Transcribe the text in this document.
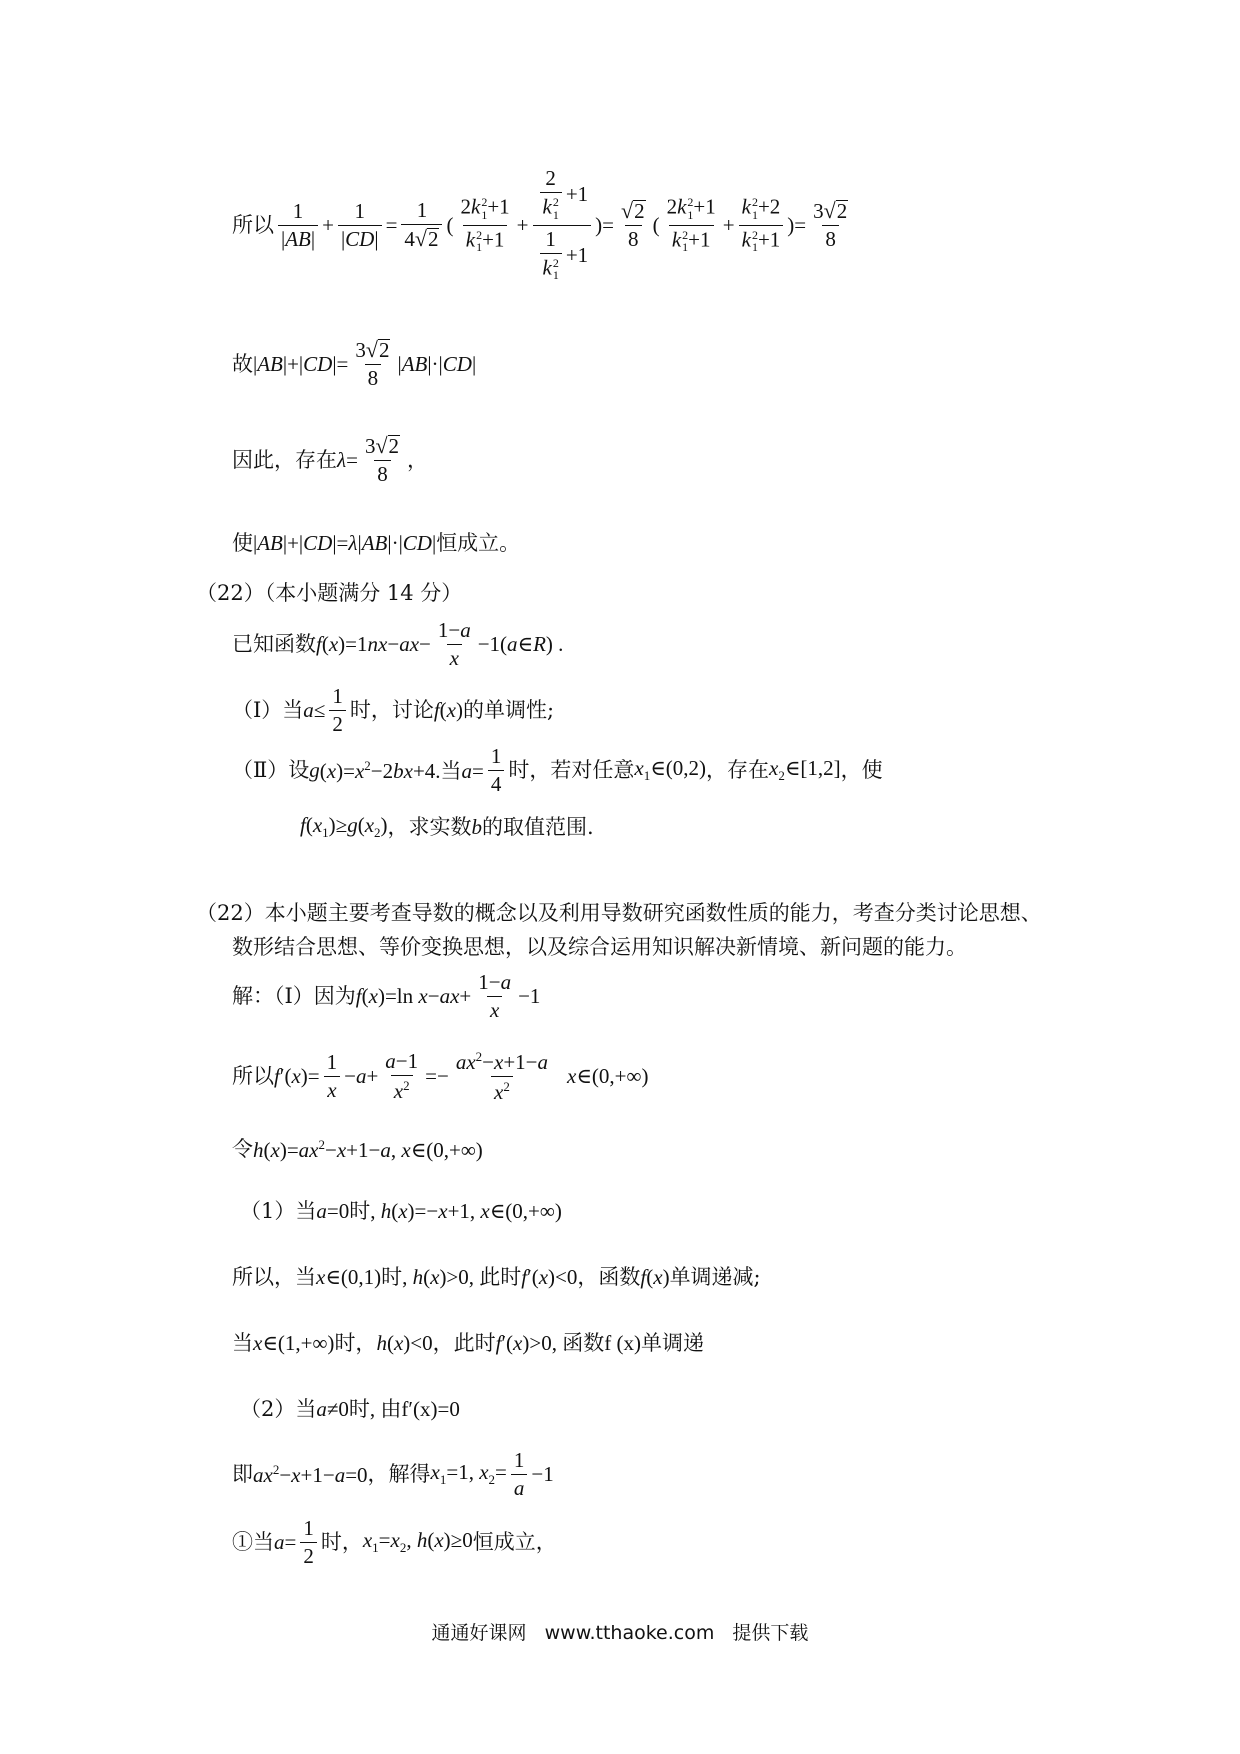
所以 $\frac{1}{|AB|} + \frac{1}{|CD|} = \frac{1}{4 √ 2}$ ( 2k 2
1 +1
k 2
1 +1 + 2
k 2
1 +1
1
k 2
1 +1 )= $\frac{√ 2}{8}$ ( 2k 2
1 +1
k 2
1 +1 + k 2
1 +2
k 2
1 +1 )= $\frac{3 √ 2}{8}$
故 $|AB|+|CD|= \frac{3 √ 2}{8} |AB|\cdot|CD|$
因此，存在 $\lambda = \frac{3 √ 2}{8}$ ，
使 |AB|+|CD|=λ|AB|·|CD| 恒成立。
（22）（本小题满分 14 分）
已知函数 f $(x)=1nx-ax- \frac{1-a}{x}$ −1(a∈R) .
（Ⅰ）当 $a \le \frac{1}{2}$ 时，讨论 f (x) 的单调性;
（Ⅱ）设 g $(x)=x^2-2bx+4$.当$a= \frac{1}{4}$ 时，若对任意 $x_1\in(0,2)$ ，存在 $x_2\in[1,2]$ ，使
$f(x_1)\ge g(x_2)$ ，求实数 b 的取值范围.
（22）本小题主要考查导数的概念以及利用导数研究函数性质的能力，考查分类讨论思想、
数形结合思想、等价变换思想，以及综合运用知识解决新情境、新问题的能力。
解：（Ⅰ）因为 f(x)=ln $x-ax+ \frac{1-a}{x} -1$
所以 $f'(x)= \frac{1}{x} -a+ \frac{a-1}{x^2} =- \frac{ax^2-x+1-a}{x^2}$ x∈(0,+∞)
令 $h(x)=ax^2-x+1-a$, x∈(0,+∞)
（1）当 a=0时, h(x)=−x+1, x∈(0,+∞)
所以，当 x∈(0,1)时, h(x)>0, 此时f′(x)<0 ，函数 f(x) 单调递减;
当 x∈(1,+∞) 时， h(x)<0 ，此时 f′(x)>0, 函数f (x) 单调递
（2）当 a≠0时, 由f′(x)=0
即 $ax^2-x+1-a=0$ ，解得 $x_1=1$, $x_2= \frac{1}{a} -1$
①当 $a= \frac{1}{2}$ 时， $x_1=x_2$, h(x)≥0 恒成立，
通通好课网 www.tthaoke.com 提供下载
